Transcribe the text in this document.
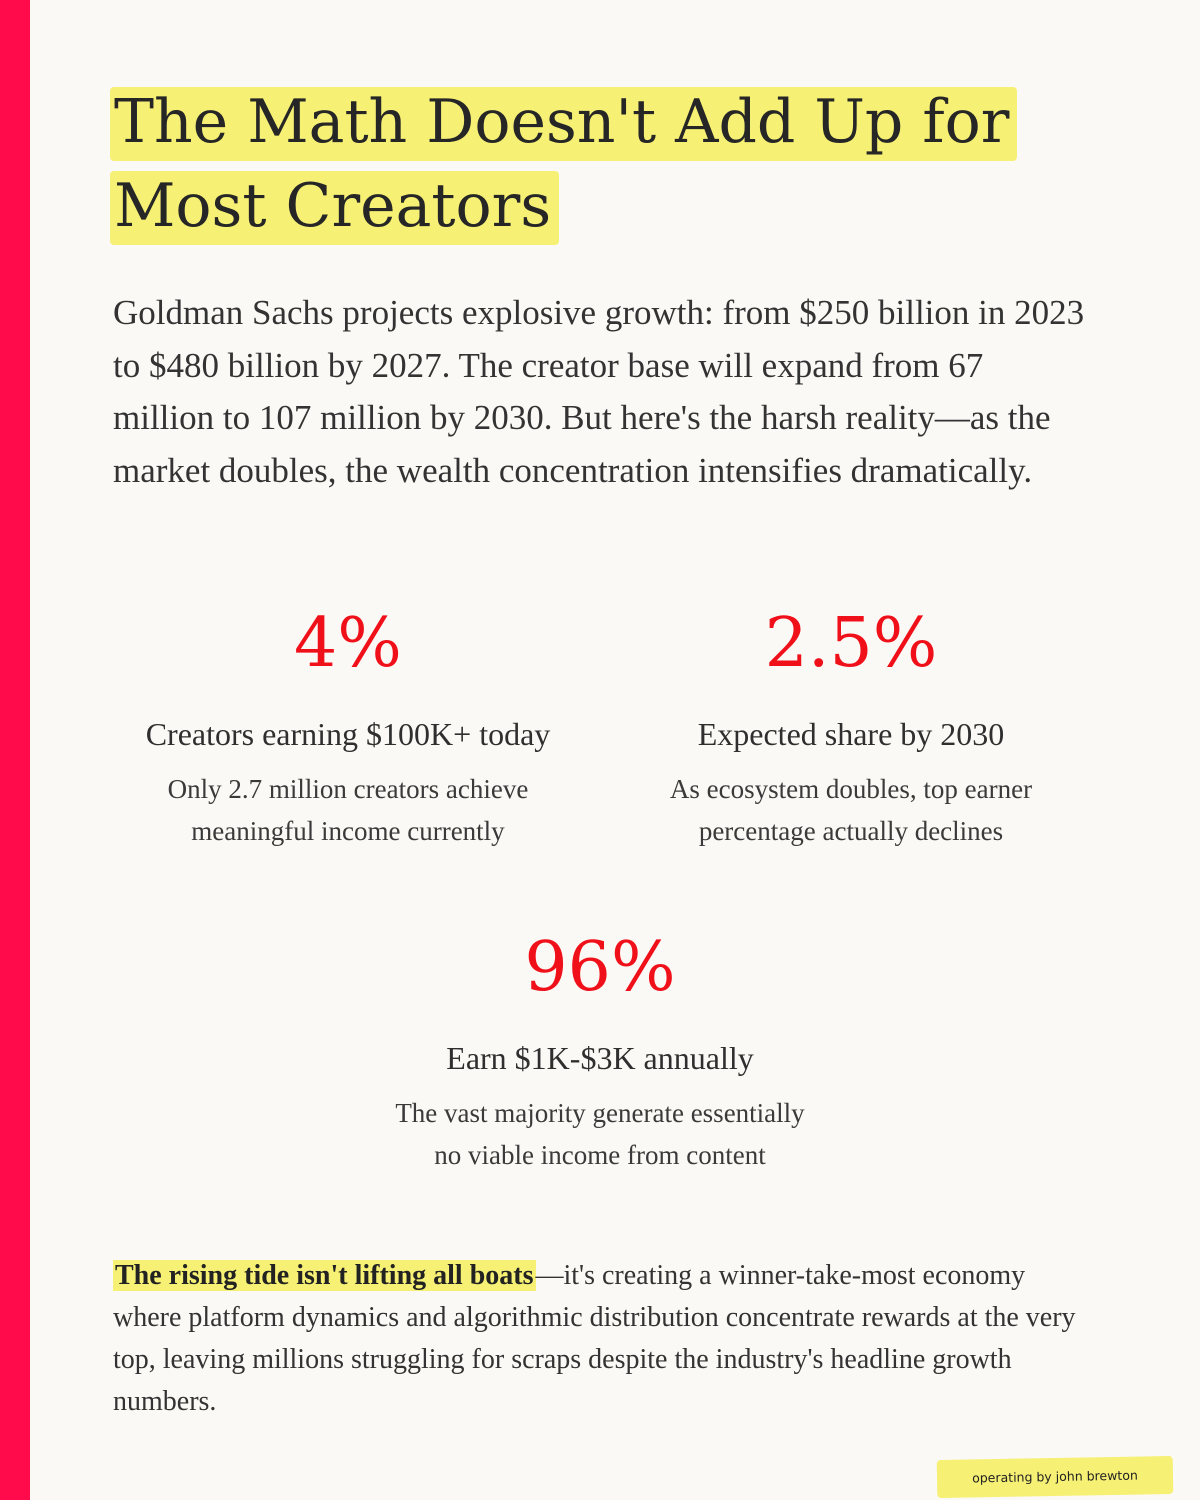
The Math Doesn't Add Up for
Most Creators

Goldman Sachs projects explosive growth: from $250 billion in 2023 to $480 billion by 2027. The creator base will expand from 67 million to 107 million by 2030. But here's the harsh reality—as the market doubles, the wealth concentration intensifies dramatically.

4%
Creators earning $100K+ today
Only 2.7 million creators achieve meaningful income currently
2.5%
Expected share by 2030
As ecosystem doubles, top earner percentage actually declines
96%
Earn $1K-$3K annually
The vast majority generate essentially no viable income from content

The rising tide isn't lifting all boats—it's creating a winner-take-most economy where platform dynamics and algorithmic distribution concentrate rewards at the very top, leaving millions struggling for scraps despite the industry's headline growth numbers.

operating by john brewton
